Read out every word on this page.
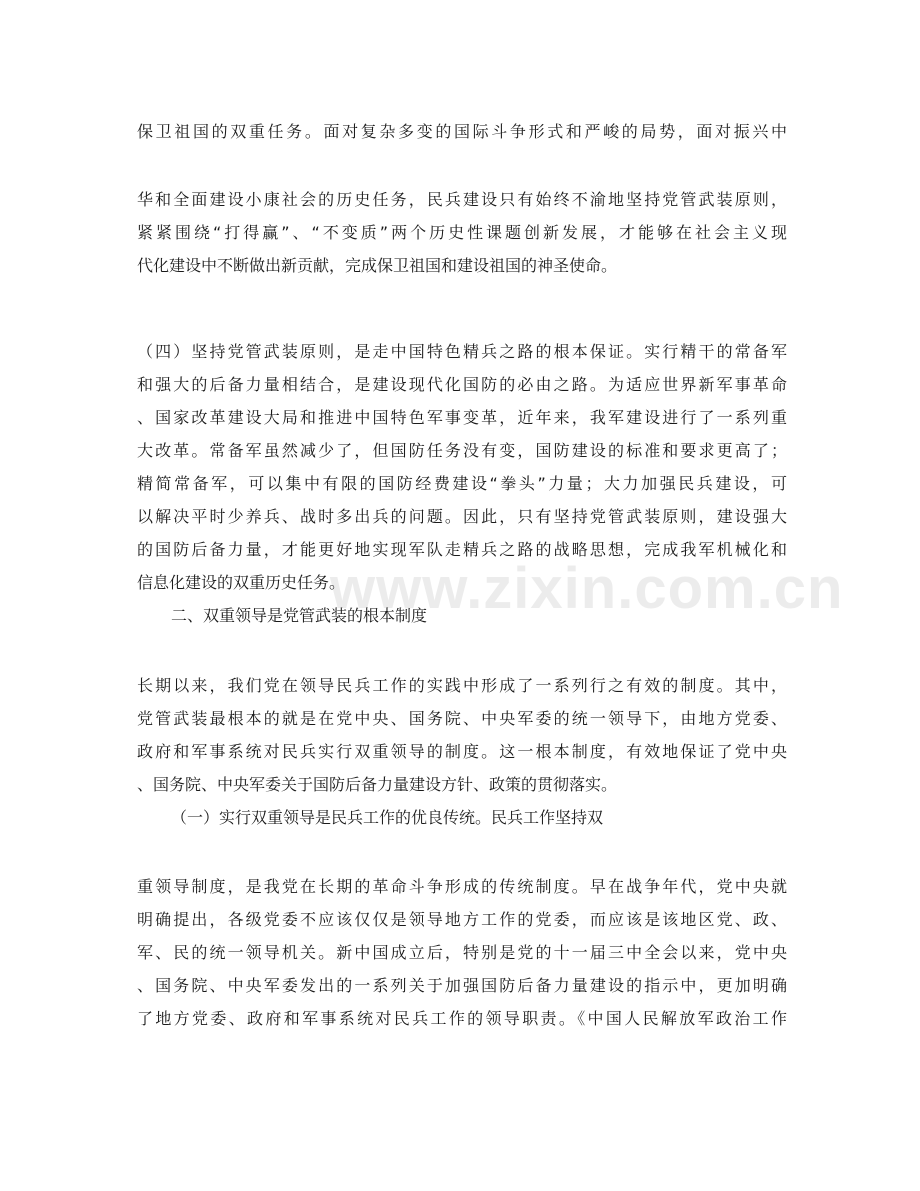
www.zixin.com.cn
保卫祖国的双重任务。面对复杂多变的国际斗争形式和严峻的局势，面对振兴中
华和全面建设小康社会的历史任务，民兵建设只有始终不渝地坚持党管武装原则，
紧紧围绕“打得赢”、“不变质”两个历史性课题创新发展，才能够在社会主义现
代化建设中不断做出新贡献，完成保卫祖国和建设祖国的神圣使命。
（四）坚持党管武装原则，是走中国特色精兵之路的根本保证。实行精干的常备军
和强大的后备力量相结合，是建设现代化国防的必由之路。为适应世界新军事革命
、国家改革建设大局和推进中国特色军事变革，近年来，我军建设进行了一系列重
大改革。常备军虽然减少了，但国防任务没有变，国防建设的标准和要求更高了；
精简常备军，可以集中有限的国防经费建设“拳头”力量；大力加强民兵建设，可
以解决平时少养兵、战时多出兵的问题。因此，只有坚持党管武装原则，建设强大
的国防后备力量，才能更好地实现军队走精兵之路的战略思想，完成我军机械化和
信息化建设的双重历史任务。
二、双重领导是党管武装的根本制度
长期以来，我们党在领导民兵工作的实践中形成了一系列行之有效的制度。其中，
党管武装最根本的就是在党中央、国务院、中央军委的统一领导下，由地方党委、
政府和军事系统对民兵实行双重领导的制度。这一根本制度，有效地保证了党中央
、国务院、中央军委关于国防后备力量建设方针、政策的贯彻落实。
（一）实行双重领导是民兵工作的优良传统。民兵工作坚持双
重领导制度，是我党在长期的革命斗争形成的传统制度。早在战争年代，党中央就
明确提出，各级党委不应该仅仅是领导地方工作的党委，而应该是该地区党、政、
军、民的统一领导机关。新中国成立后，特别是党的十一届三中全会以来，党中央
、国务院、中央军委发出的一系列关于加强国防后备力量建设的指示中，更加明确
了地方党委、政府和军事系统对民兵工作的领导职责。《中国人民解放军政治工作
